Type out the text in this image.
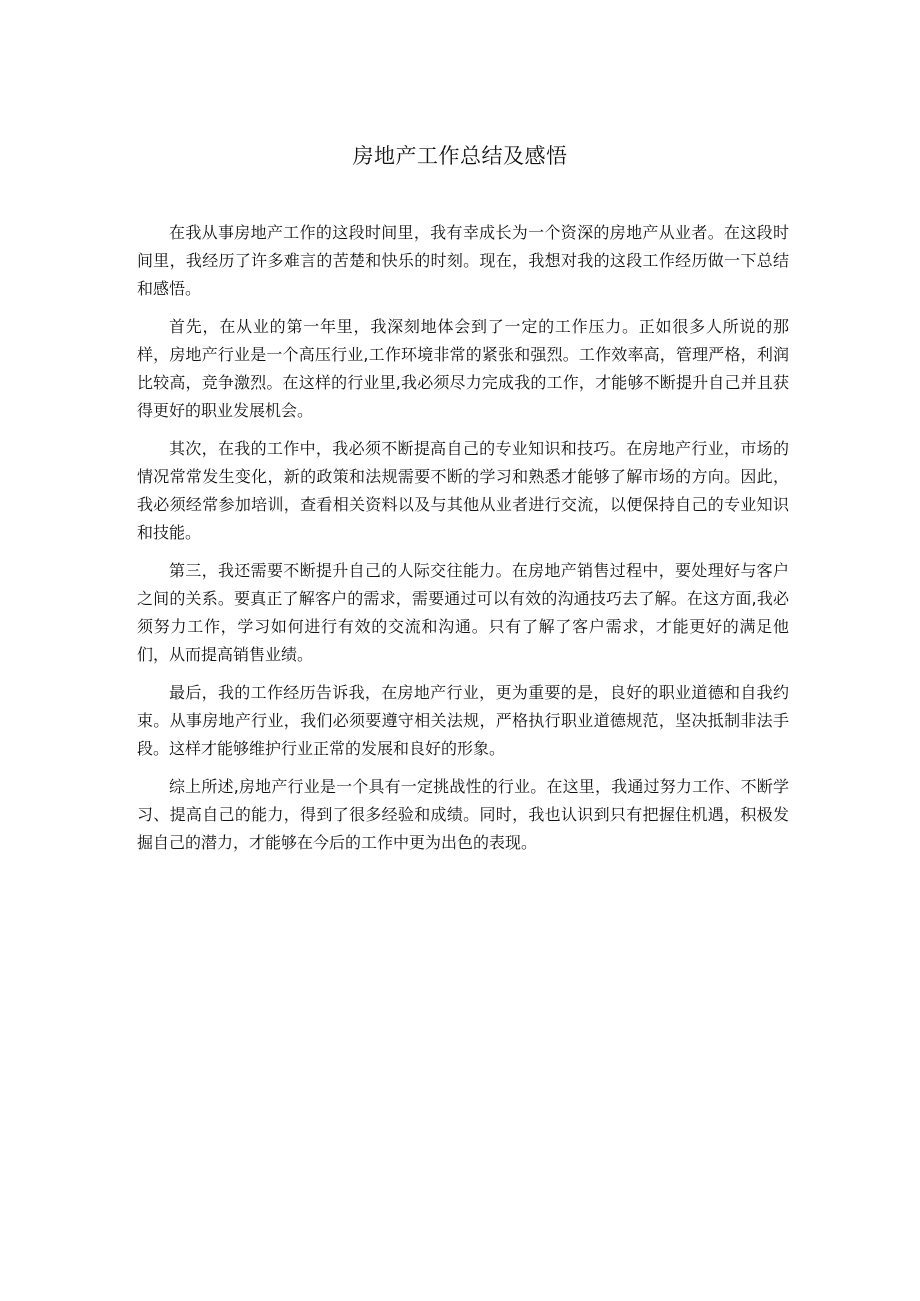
房地产工作总结及感悟

在我从事房地产工作的这段时间里，我有幸成长为一个资深的房地产从业者。在这段时间里，我经历了许多难言的苦楚和快乐的时刻。现在，我想对我的这段工作经历做一下总结和感悟。

首先，在从业的第一年里，我深刻地体会到了一定的工作压力。正如很多人所说的那样，房地产行业是一个高压行业,工作环境非常的紧张和强烈。工作效率高，管理严格，利润比较高，竞争激烈。在这样的行业里,我必须尽力完成我的工作，才能够不断提升自己并且获得更好的职业发展机会。

其次，在我的工作中，我必须不断提高自己的专业知识和技巧。在房地产行业，市场的情况常常发生变化，新的政策和法规需要不断的学习和熟悉才能够了解市场的方向。因此，我必须经常参加培训，查看相关资料以及与其他从业者进行交流，以便保持自己的专业知识和技能。

第三，我还需要不断提升自己的人际交往能力。在房地产销售过程中，要处理好与客户之间的关系。要真正了解客户的需求，需要通过可以有效的沟通技巧去了解。在这方面,我必须努力工作，学习如何进行有效的交流和沟通。只有了解了客户需求，才能更好的满足他们，从而提高销售业绩。

最后，我的工作经历告诉我，在房地产行业，更为重要的是，良好的职业道德和自我约束。从事房地产行业，我们必须要遵守相关法规，严格执行职业道德规范，坚决抵制非法手段。这样才能够维护行业正常的发展和良好的形象。

综上所述,房地产行业是一个具有一定挑战性的行业。在这里，我通过努力工作、不断学习、提高自己的能力，得到了很多经验和成绩。同时，我也认识到只有把握住机遇，积极发掘自己的潜力，才能够在今后的工作中更为出色的表现。
